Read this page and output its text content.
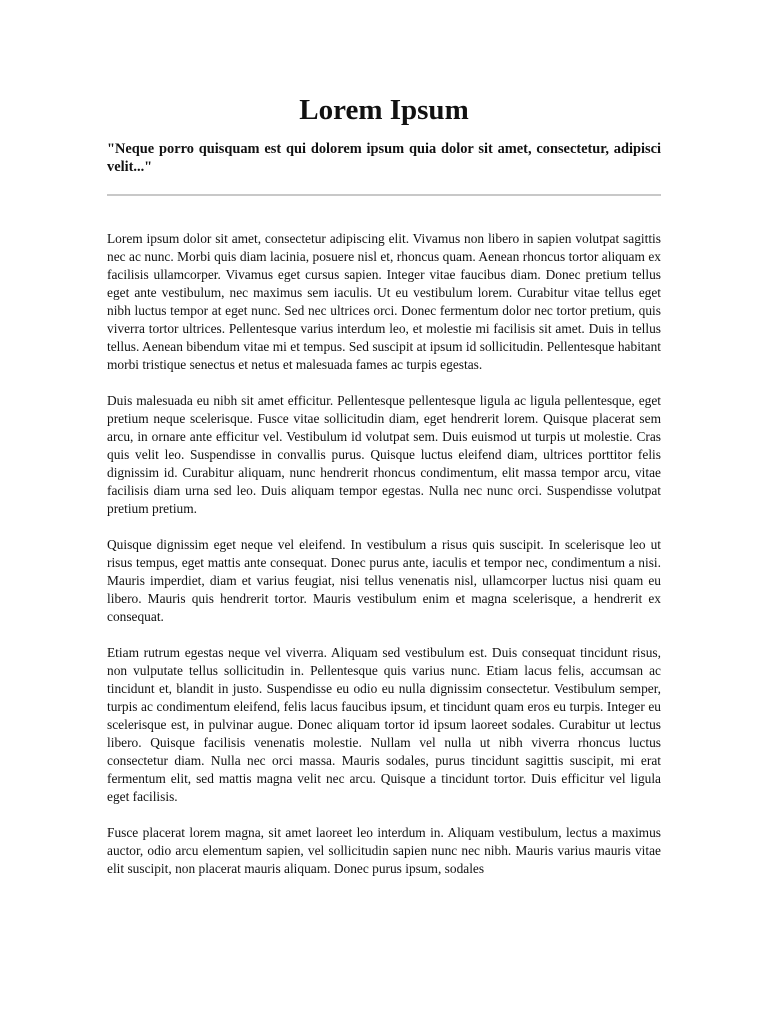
Lorem Ipsum

"Neque porro quisquam est qui dolorem ipsum quia dolor sit amet, consectetur, adipisci velit..."

Lorem ipsum dolor sit amet, consectetur adipiscing elit. Vivamus non libero in sapien volutpat sagittis nec ac nunc. Morbi quis diam lacinia, posuere nisl et, rhoncus quam. Aenean rhoncus tortor aliquam ex facilisis ullamcorper. Vivamus eget cursus sapien. Integer vitae faucibus diam. Donec pretium tellus eget ante vestibulum, nec maximus sem iaculis. Ut eu vestibulum lorem. Curabitur vitae tellus eget nibh luctus tempor at eget nunc. Sed nec ultrices orci. Donec fermentum dolor nec tortor pretium, quis viverra tortor ultrices. Pellentesque varius interdum leo, et molestie mi facilisis sit amet. Duis in tellus tellus. Aenean bibendum vitae mi et tempus. Sed suscipit at ipsum id sollicitudin. Pellentesque habitant morbi tristique senectus et netus et malesuada fames ac turpis egestas.

Duis malesuada eu nibh sit amet efficitur. Pellentesque pellentesque ligula ac ligula pellentesque, eget pretium neque scelerisque. Fusce vitae sollicitudin diam, eget hendrerit lorem. Quisque placerat sem arcu, in ornare ante efficitur vel. Vestibulum id volutpat sem. Duis euismod ut turpis ut molestie. Cras quis velit leo. Suspendisse in convallis purus. Quisque luctus eleifend diam, ultrices porttitor felis dignissim id. Curabitur aliquam, nunc hendrerit rhoncus condimentum, elit massa tempor arcu, vitae facilisis diam urna sed leo. Duis aliquam tempor egestas. Nulla nec nunc orci. Suspendisse volutpat pretium pretium.

Quisque dignissim eget neque vel eleifend. In vestibulum a risus quis suscipit. In scelerisque leo ut risus tempus, eget mattis ante consequat. Donec purus ante, iaculis et tempor nec, condimentum a nisi. Mauris imperdiet, diam et varius feugiat, nisi tellus venenatis nisl, ullamcorper luctus nisi quam eu libero. Mauris quis hendrerit tortor. Mauris vestibulum enim et magna scelerisque, a hendrerit ex consequat.

Etiam rutrum egestas neque vel viverra. Aliquam sed vestibulum est. Duis consequat tincidunt risus, non vulputate tellus sollicitudin in. Pellentesque quis varius nunc. Etiam lacus felis, accumsan ac tincidunt et, blandit in justo. Suspendisse eu odio eu nulla dignissim consectetur. Vestibulum semper, turpis ac condimentum eleifend, felis lacus faucibus ipsum, et tincidunt quam eros eu turpis. Integer eu scelerisque est, in pulvinar augue. Donec aliquam tortor id ipsum laoreet sodales. Curabitur ut lectus libero. Quisque facilisis venenatis molestie. Nullam vel nulla ut nibh viverra rhoncus luctus consectetur diam. Nulla nec orci massa. Mauris sodales, purus tincidunt sagittis suscipit, mi erat fermentum elit, sed mattis magna velit nec arcu. Quisque a tincidunt tortor. Duis efficitur vel ligula eget facilisis.

Fusce placerat lorem magna, sit amet laoreet leo interdum in. Aliquam vestibulum, lectus a maximus auctor, odio arcu elementum sapien, vel sollicitudin sapien nunc nec nibh. Mauris varius mauris vitae elit suscipit, non placerat mauris aliquam. Donec purus ipsum, sodales
